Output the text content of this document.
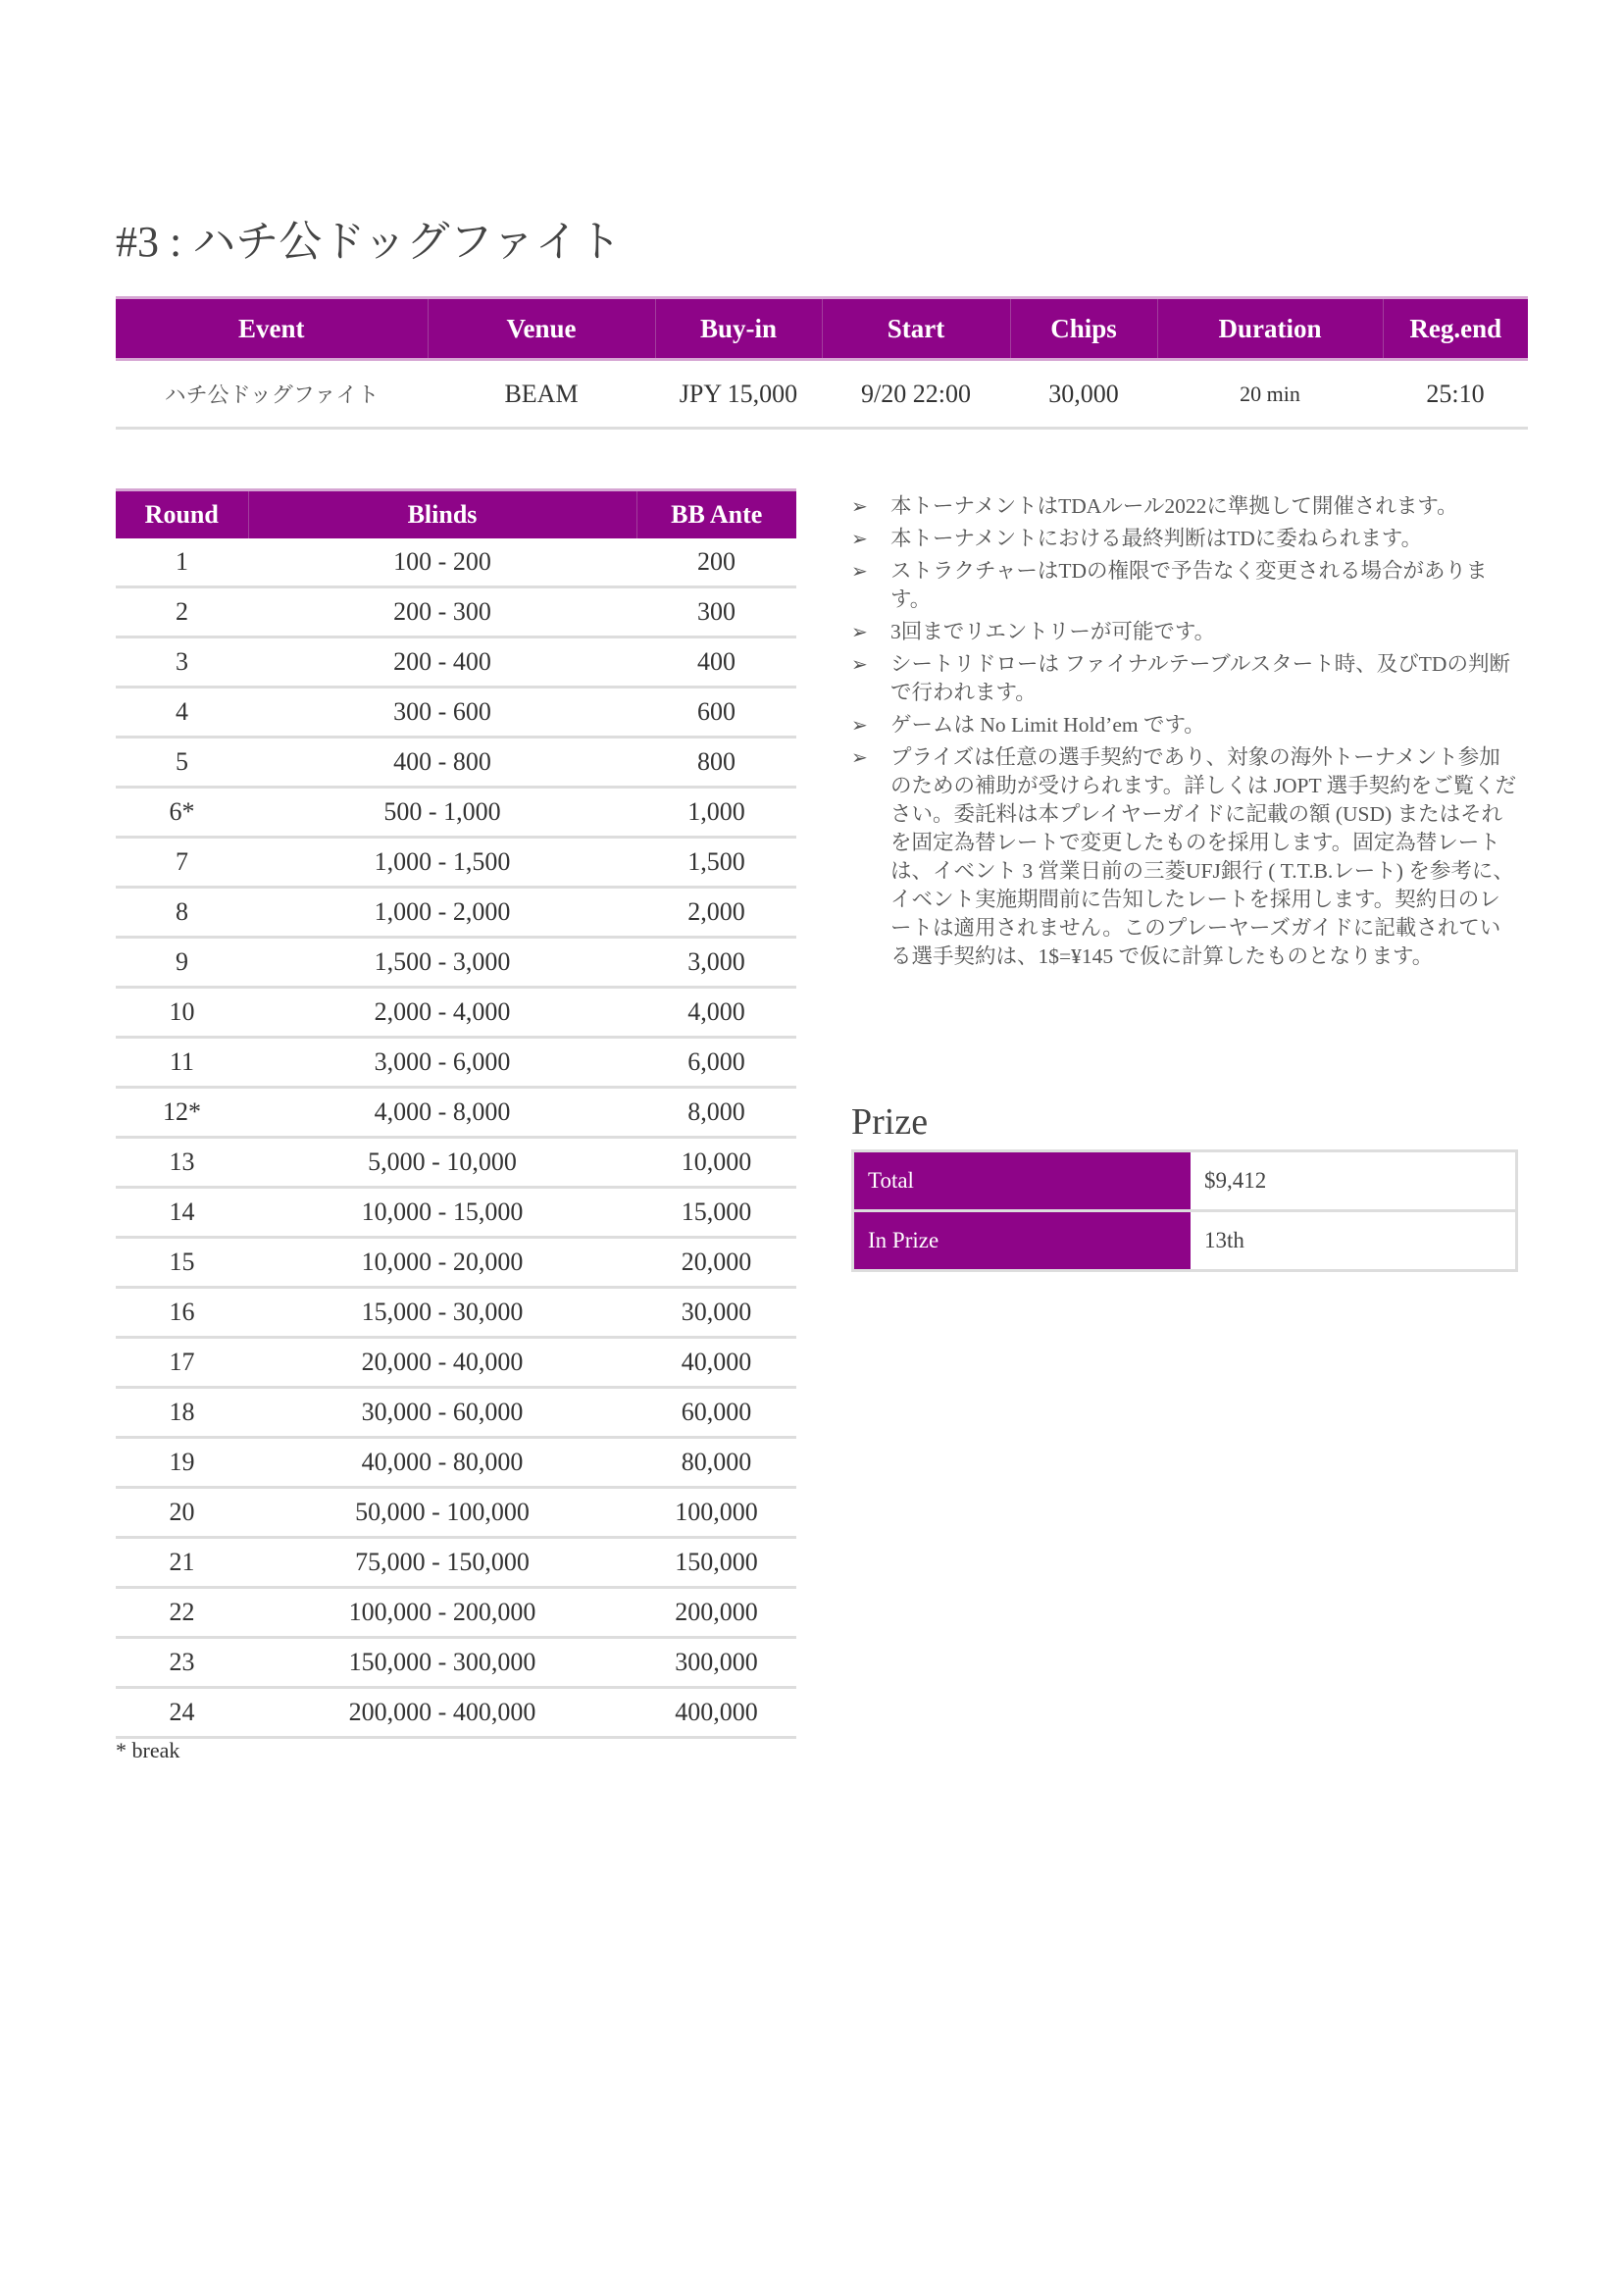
#3 : ハチ公ドッグファイト
Event	Venue	Buy-in	Start	Chips	Duration	Reg.end
ハチ公ドッグファイト	BEAM	JPY 15,000	9/20 22:00	30,000	20 min	25:10
Round	Blinds	BB Ante
1	100 - 200	200
2	200 - 300	300
3	200 - 400	400
4	300 - 600	600
5	400 - 800	800
6*	500 - 1,000	1,000
7	1,000 - 1,500	1,500
8	1,000 - 2,000	2,000
9	1,500 - 3,000	3,000
10	2,000 - 4,000	4,000
11	3,000 - 6,000	6,000
12*	4,000 - 8,000	8,000
13	5,000 - 10,000	10,000
14	10,000 - 15,000	15,000
15	10,000 - 20,000	20,000
16	15,000 - 30,000	30,000
17	20,000 - 40,000	40,000
18	30,000 - 60,000	60,000
19	40,000 - 80,000	80,000
20	50,000 - 100,000	100,000
21	75,000 - 150,000	150,000
22	100,000 - 200,000	200,000
23	150,000 - 300,000	300,000
24	200,000 - 400,000	400,000
* break
➢ 本トーナメントはTDAルール2022に準拠して開催されます。
➢ 本トーナメントにおける最終判断はTDに委ねられます。
➢ ストラクチャーはTDの権限で予告なく変更される場合があります。
➢ 3回までリエントリーが可能です。
➢ シートリドローは ファイナルテーブルスタート時、及びTDの判断で行われます。
➢ ゲームは No Limit Hold’em です。
➢ プライズは任意の選手契約であり、対象の海外トーナメント参加のための補助が受けられます。詳しくは JOPT 選手契約をご覧ください。委託料は本プレイヤーガイドに記載の額 (USD) またはそれを固定為替レートで変更したものを採用します。固定為替レートは、イベント 3 営業日前の三菱UFJ銀行 ( T.T.B.レート) を参考に、イベント実施期間前に告知したレートを採用します。契約日のレートは適用されません。このプレーヤーズガイドに記載されている選手契約は、1$=¥145 で仮に計算したものとなります。
Prize
Total	$9,412
In Prize	13th
